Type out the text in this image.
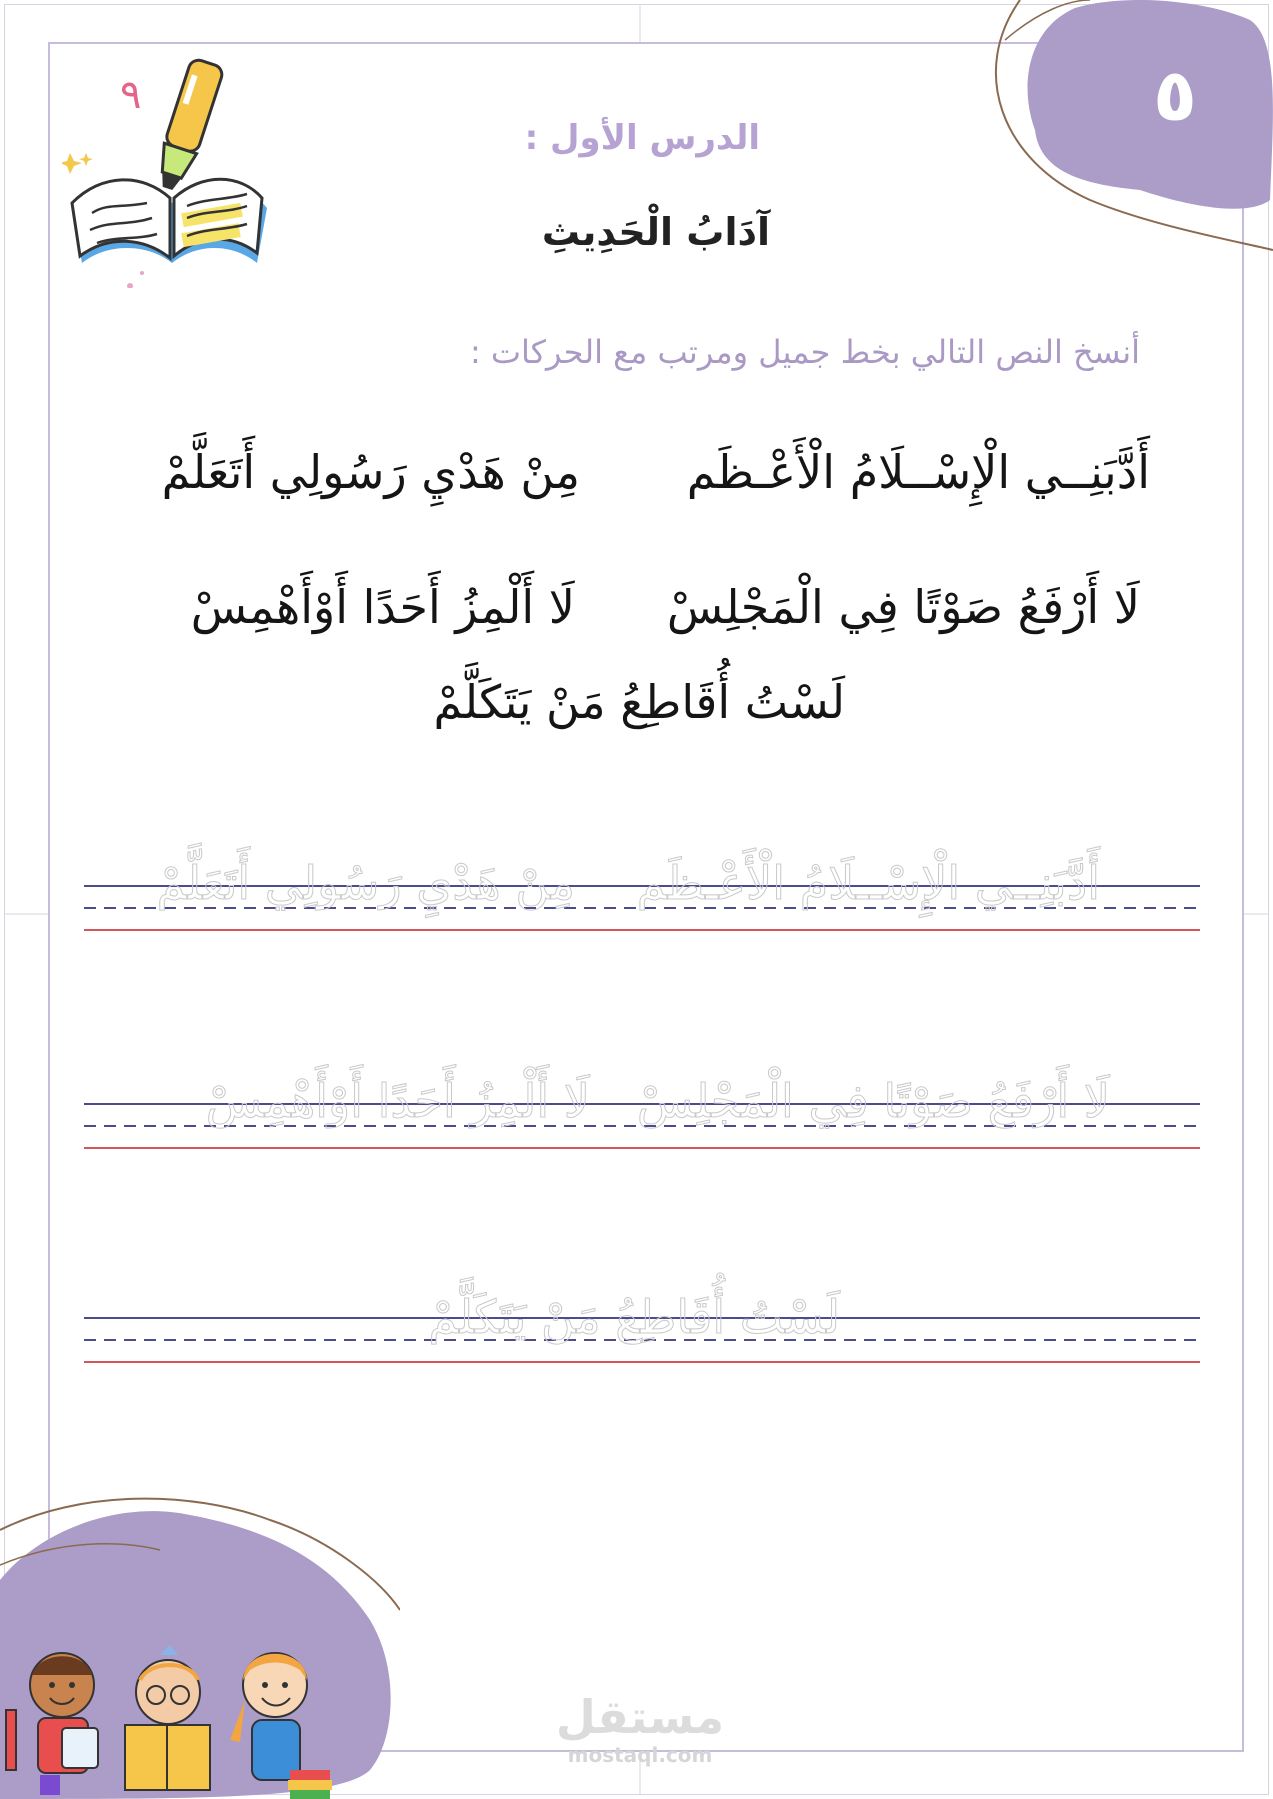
٥
٩
الدرس الأول :
آدَابُ الْحَدِيثِ
أنسخ النص التالي بخط جميل ومرتب مع الحركات :
أَدَّبَنِــي الْإِسْــلَامُ الْأَعْـظَم
مِنْ هَدْيِ رَسُولِي أَتَعَلَّمْ
لَا أَرْفَعُ صَوْتًا فِي الْمَجْلِسْ
لَا أَلْمِزُ أَحَدًا أَوْأَهْمِسْ
لَسْتُ أُقَاطِعُ مَنْ يَتَكَلَّمْ
أَدَّبَنِــي الْإِسْــلَامُ الْأَعْـظَم
مِنْ هَدْيِ رَسُولِي أَتَعَلَّمْ
لَا أَرْفَعُ صَوْتًا فِي الْمَجْلِسْ
لَا أَلْمِزُ أَحَدًا أَوْأَهْمِسْ
لَسْتُ أُقَاطِعُ مَنْ يَتَكَلَّمْ
مستقل
mostaql.com
